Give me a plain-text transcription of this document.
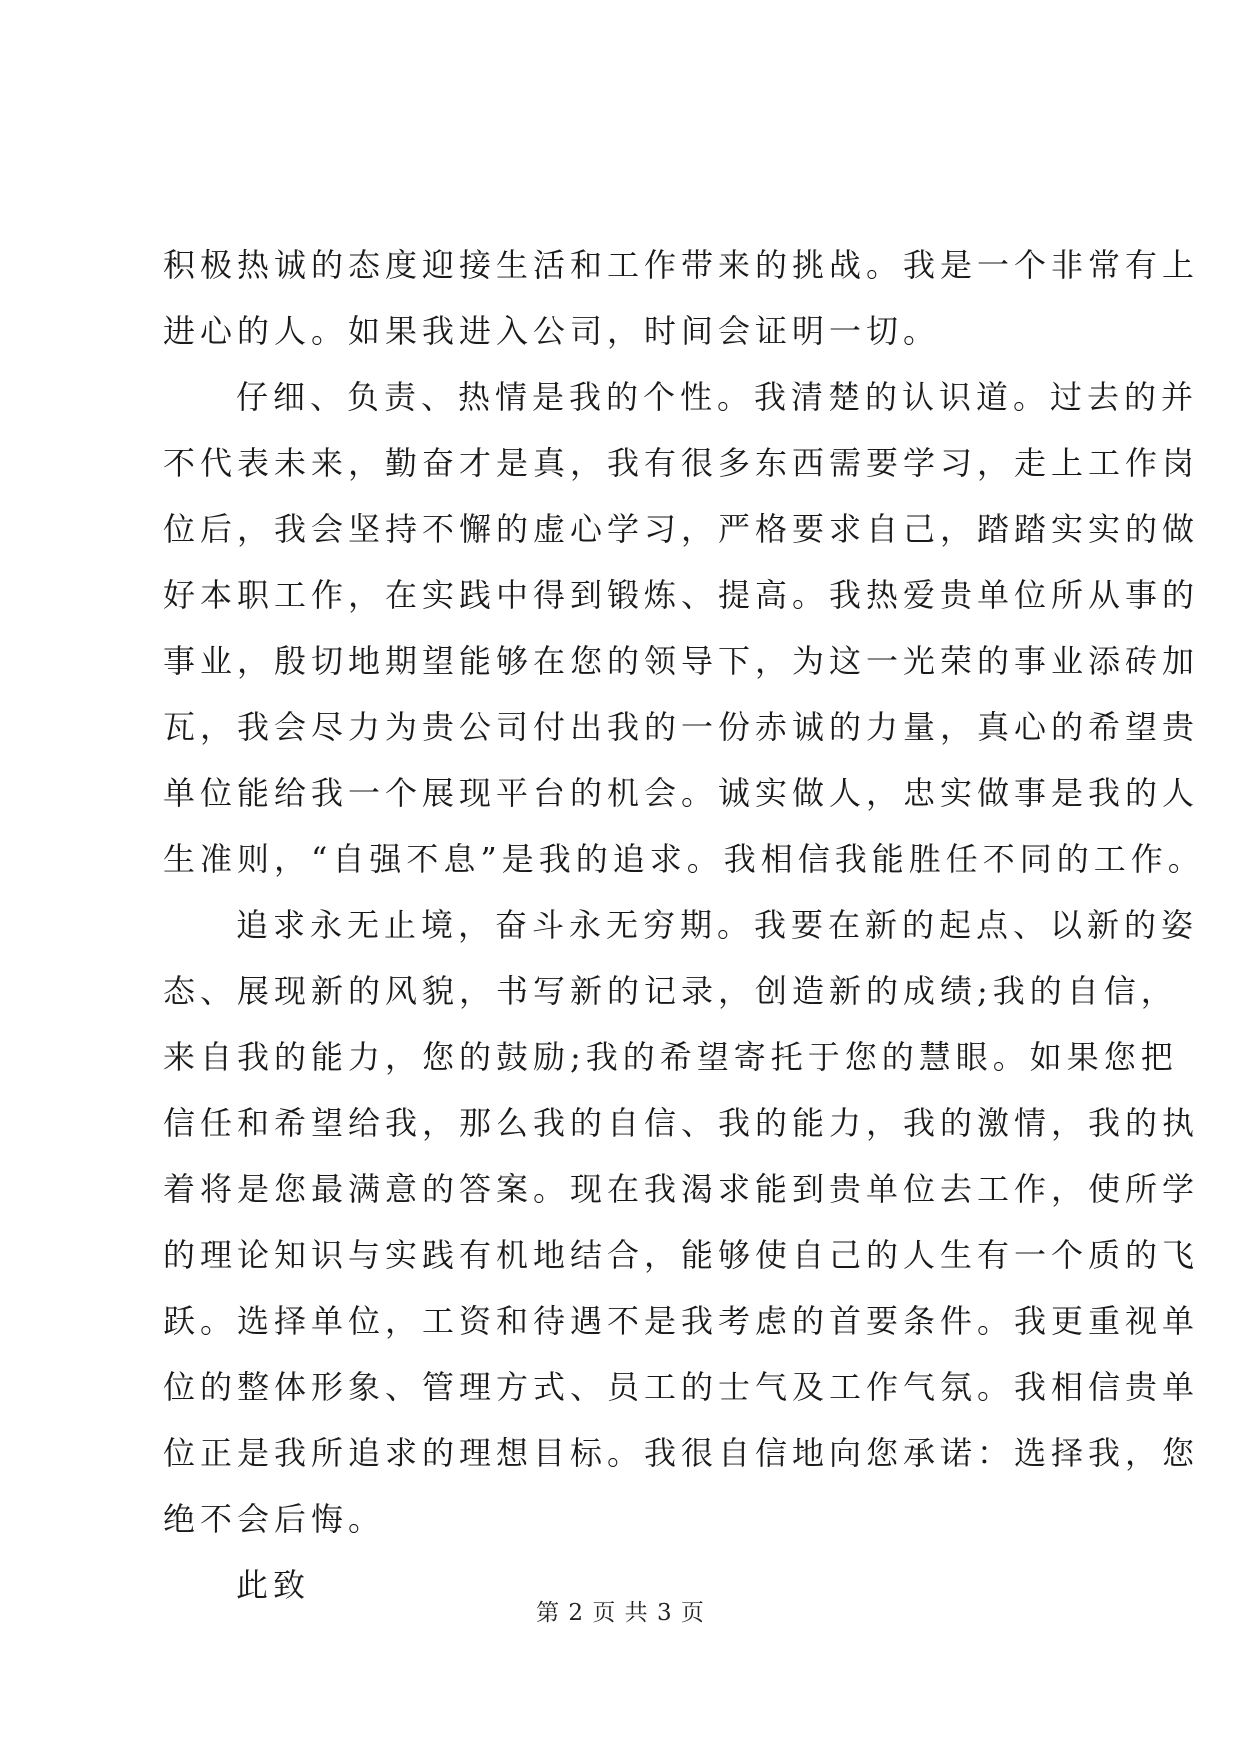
积极热诚的态度迎接生活和工作带来的挑战。我是一个非常有上
进心的人。如果我进入公司，时间会证明一切。
仔细、负责、热情是我的个性。我清楚的认识道。过去的并
不代表未来，勤奋才是真，我有很多东西需要学习，走上工作岗
位后，我会坚持不懈的虚心学习，严格要求自己，踏踏实实的做
好本职工作，在实践中得到锻炼、提高。我热爱贵单位所从事的
事业，殷切地期望能够在您的领导下，为这一光荣的事业添砖加
瓦，我会尽力为贵公司付出我的一份赤诚的力量，真心的希望贵
单位能给我一个展现平台的机会。诚实做人，忠实做事是我的人
生准则，“自强不息”是我的追求。我相信我能胜任不同的工作。
追求永无止境，奋斗永无穷期。我要在新的起点、以新的姿
态、展现新的风貌，书写新的记录，创造新的成绩;我的自信，
来自我的能力，您的鼓励;我的希望寄托于您的慧眼。如果您把
信任和希望给我，那么我的自信、我的能力，我的激情，我的执
着将是您最满意的答案。现在我渴求能到贵单位去工作，使所学
的理论知识与实践有机地结合，能够使自己的人生有一个质的飞
跃。选择单位，工资和待遇不是我考虑的首要条件。我更重视单
位的整体形象、管理方式、员工的士气及工作气氛。我相信贵单
位正是我所追求的理想目标。我很自信地向您承诺：选择我，您
绝不会后悔。
此致
第 2 页 共 3 页
